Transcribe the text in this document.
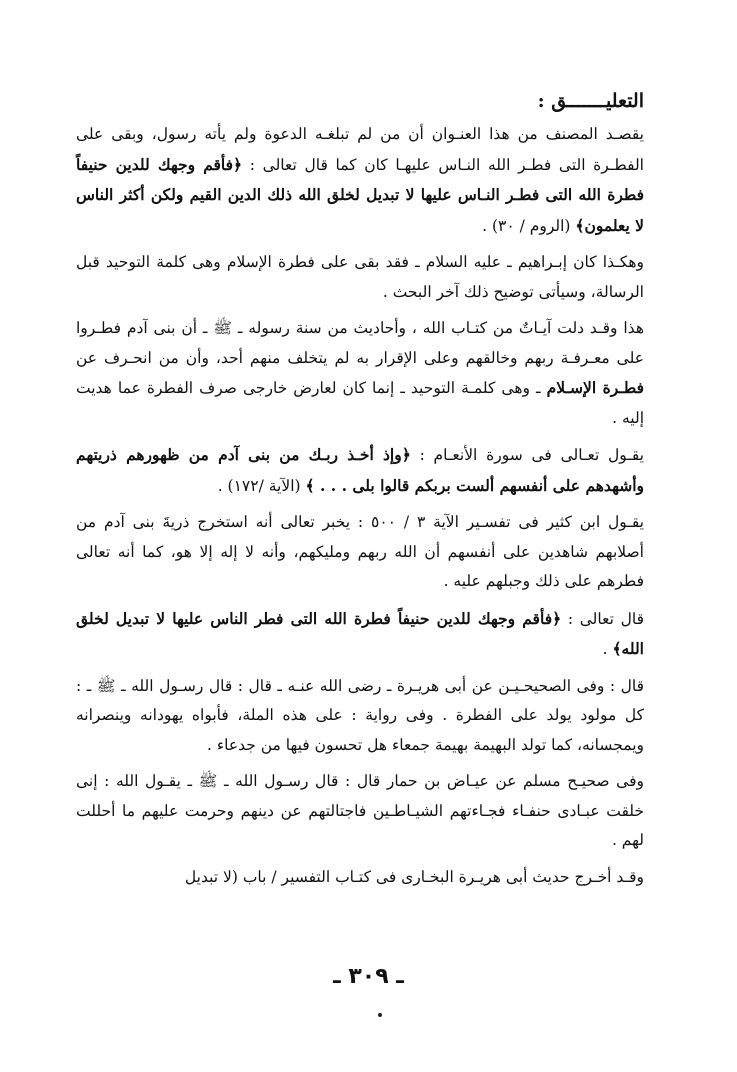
التعليـــــــق :

يقصـد المصنف من هذا العنـوان أن من لم تبلغـه الدعوة ولم يأته رسول، وبقى على الفطـرة التى فطـر الله النـاس عليهـا كان كما قال تعالى : ﴿فأقم وجهك للدين حنيفاً فطرة الله التى فطـر النـاس عليها لا تبديل لخلق الله ذلك الدين القيم ولكن أكثر الناس لا يعلمون﴾ (الروم / ٣٠) .

وهكـذا كان إبـراهيم ـ عليه السلام ـ فقد بقى على فطرة الإسلام وهى كلمة التوحيد قبل الرسالة، وسيأتى توضيح ذلك آخر البحث .

هذا وقـد دلت آيـاتٌ من كتـاب الله ، وأحاديث من سنة رسوله ـ ﷺ ـ أن بنى آدم فطـروا على معـرفـة ربهم وخالقهم وعلى الإقرار به لم يتخلف منهم أحد، وأن من انحـرف عن فطـرة الإسـلام ـ وهى كلمـة التوحيد ـ إنما كان لعارض خارجى صرف الفطرة عما هديت إليه .

يقـول تعـالى فى سورة الأنعـام : ﴿وإذ أخـذ ربـك من بنى آدم من ظهورهم ذريتهم وأشهدهم على أنفسهم ألست بربكم قالوا بلى . . . ﴾ (الآية /١٧٢) .

يقـول ابن كثير فى تفسـير الآية ٣ / ٥٠٠ : يخبر تعالى أنه استخرج ذريةَ بنى آدم من أصلابهم شاهدين على أنفسهم أن الله ربهم ومليكهم، وأنه لا إله إلا هو، كما أنه تعالى فطرهم على ذلك وجبلهم عليه .

قال تعالى : ﴿فأقم وجهك للدين حنيفاً فطرة الله التى فطر الناس عليها لا تبديل لخلق الله﴾ .

قال : وفى الصحيحـيـن عن أبى هريـرة ـ رضى الله عنـه ـ قال : قال رسـول الله ـ ﷺ ـ : كل مولود يولد على الفطرة . وفى رواية : على هذه الملة، فأبواه يهودانه وينصرانه ويمجسانه، كما تولد البهيمة بهيمة جمعاء هل تحسون فيها من جدعاء .

وفى صحيـح مسلم عن عيـاض بن حمار قال : قال رسـول الله ـ ﷺ ـ يقـول الله : إنى خلقت عبـادى حنفـاء فجـاءتهم الشيـاطـين فاجتالتهم عن دينهم وحرمت عليهم ما أحللت لهم .

وقـد أخـرج حديث أبى هريـرة البخـارى فى كتـاب التفسير / باب (لا تبديل

ـ ٣٠٩ ـ
